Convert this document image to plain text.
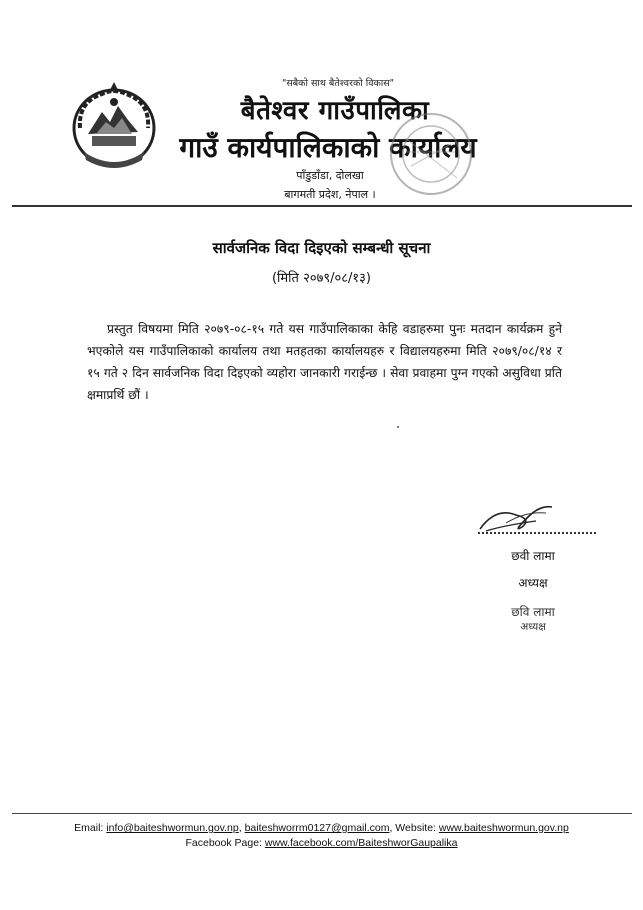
"सबैको साथ बैतेश्वरको विकास"
बैतेश्वर गाउँपालिका
गाउँ कार्यपालिकाको कार्यालय
पाँडुडाँडा, दोलखा
बागमती प्रदेश, नेपाल ।
सार्वजनिक विदा दिइएको सम्बन्धी सूचना
(मिति २०७९/०८/१३)
प्रस्तुत विषयमा मिति २०७९-०८-१५ गते यस गाउँपालिकाका केहि वडाहरुमा पुनः मतदान कार्यक्रम हुने भएकोले यस गाउँपालिकाको कार्यालय तथा मतहतका कार्यालयहरु र विद्यालयहरुमा मिति २०७९/०८/१४ र १५ गते २ दिन सार्वजनिक विदा दिइएको व्यहोरा जानकारी गराईन्छ । सेवा प्रवाहमा पुग्न गएको असुविधा प्रति क्षमाप्रर्थि छौं ।
छवी लामा
अध्यक्ष
छवि लामा
अध्यक्ष
Email: info@baiteshwormun.gov.np, baiteshworrm0127@gmail.com, Website: www.baiteshwormun.gov.np
Facebook Page: www.facebook.com/BaiteshworGaupalika
